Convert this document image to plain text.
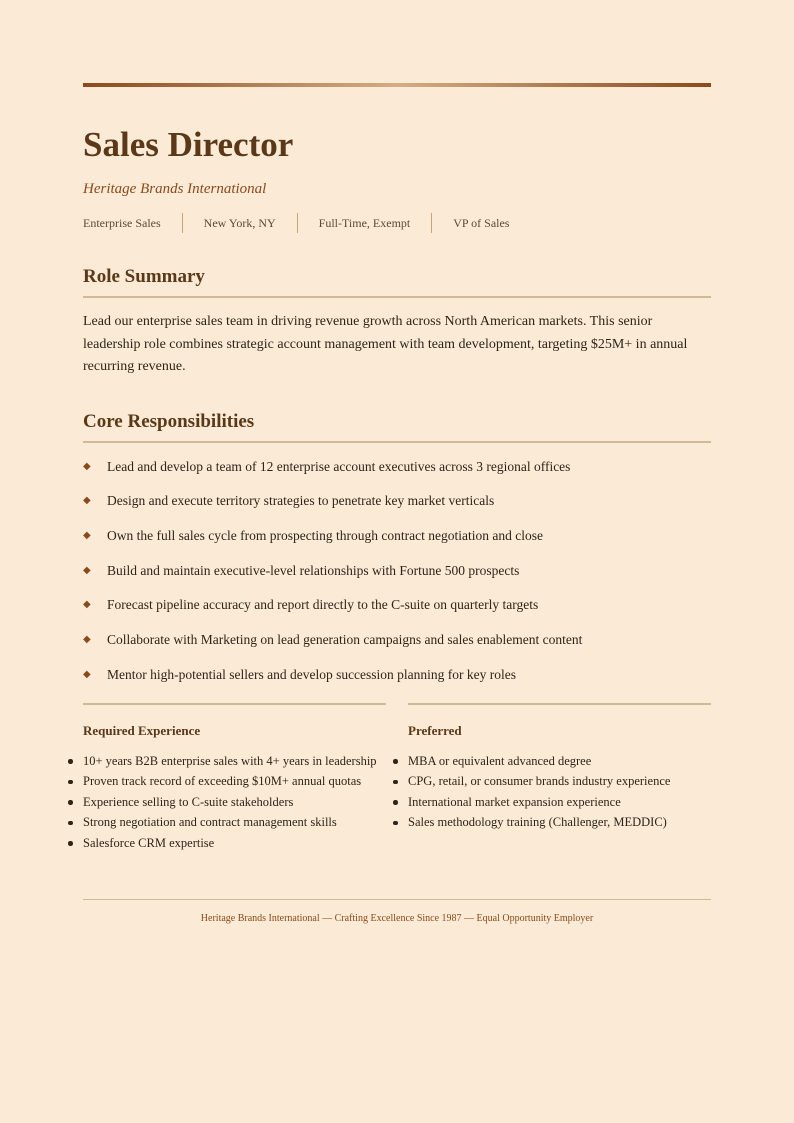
Sales Director
Heritage Brands International
Enterprise Sales	New York, NY	Full-Time, Exempt	VP of Sales
Role Summary

Lead our enterprise sales team in driving revenue growth across North American markets. This senior leadership role combines strategic account management with team development, targeting $25M+ in annual recurring revenue.

Core Responsibilities
◆ Lead and develop a team of 12 enterprise account executives across 3 regional offices
◆ Design and execute territory strategies to penetrate key market verticals
◆ Own the full sales cycle from prospecting through contract negotiation and close
◆ Build and maintain executive-level relationships with Fortune 500 prospects
◆ Forecast pipeline accuracy and report directly to the C-suite on quarterly targets
◆ Collaborate with Marketing on lead generation campaigns and sales enablement content
◆ Mentor high-potential sellers and develop succession planning for key roles
Required Experience
10+ years B2B enterprise sales with 4+ years in leadership
Proven track record of exceeding $10M+ annual quotas
Experience selling to C-suite stakeholders
Strong negotiation and contract management skills
Salesforce CRM expertise
Preferred
MBA or equivalent advanced degree
CPG, retail, or consumer brands industry experience
International market expansion experience
Sales methodology training (Challenger, MEDDIC)
Heritage Brands International — Crafting Excellence Since 1987 — Equal Opportunity Employer
